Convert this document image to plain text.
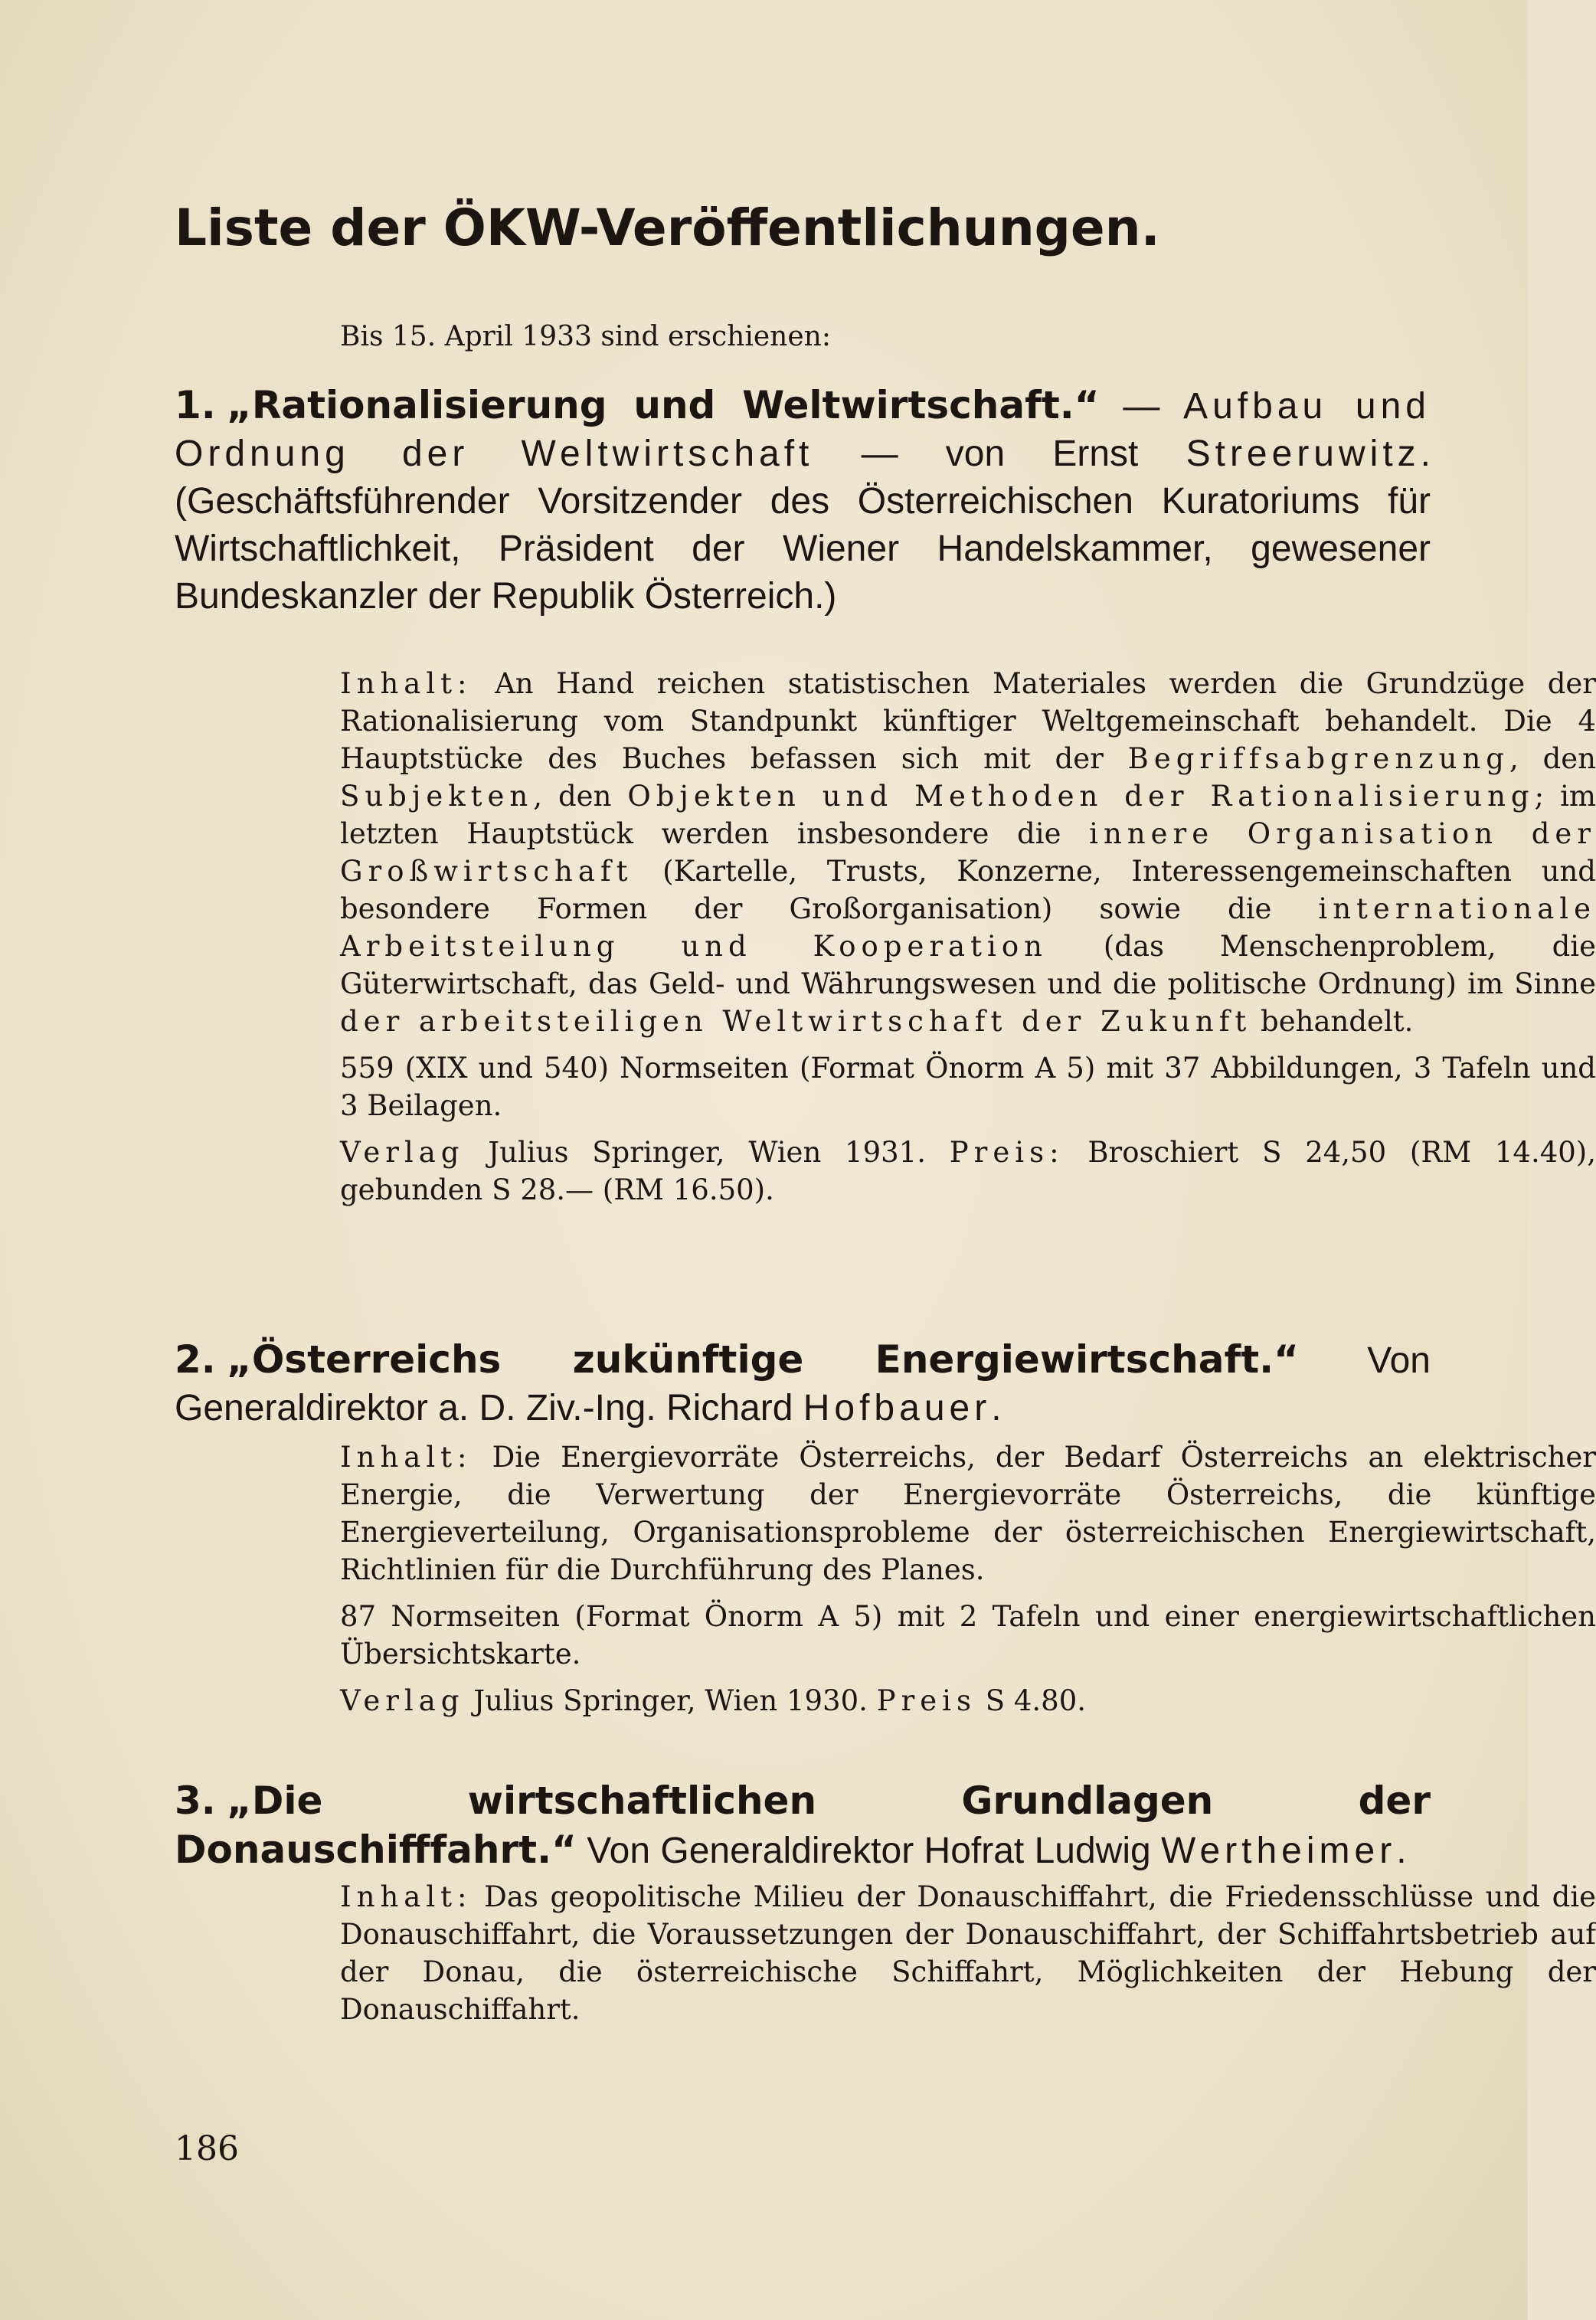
Liste der ÖKW-Veröffentlichungen.
Bis 15. April 1933 sind erschienen:
1. „Rationalisierung und Weltwirtschaft.“ — Aufbau und Ordnung der Weltwirtschaft — von Ernst Streeruwitz. (Geschäftsführender Vorsitzender des Österreichischen Kuratoriums für Wirtschaftlichkeit, Präsident der Wiener Handelskammer, gewesener Bundeskanzler der Republik Österreich.)

Inhalt: An Hand reichen statistischen Materiales werden die Grundzüge der Rationalisierung vom Standpunkt künftiger Weltgemeinschaft behandelt. Die 4 Hauptstücke des Buches befassen sich mit der Begriffsabgrenzung, den Subjekten, den Objekten und Methoden der Rationalisierung; im letzten Hauptstück werden insbesondere die innere Organisation der Großwirtschaft (Kartelle, Trusts, Konzerne, Interessengemeinschaften und besondere Formen der Großorganisation) sowie die internationale Arbeitsteilung und Kooperation (das Menschenproblem, die Güterwirtschaft, das Geld- und Währungswesen und die politische Ordnung) im Sinne der arbeitsteiligen Weltwirtschaft der Zukunft behandelt.

559 (XIX und 540) Normseiten (Format Önorm A 5) mit 37 Abbildungen, 3 Tafeln und 3 Beilagen.

Verlag Julius Springer, Wien 1931. Preis: Broschiert S 24,50 (RM 14.40), gebunden S 28.— (RM 16.50).

2. „Österreichs zukünftige Energiewirtschaft.“ Von Generaldirektor a. D. Ziv.-Ing. Richard Hofbauer.

Inhalt: Die Energievorräte Österreichs, der Bedarf Österreichs an elektrischer Energie, die Verwertung der Energievorräte Österreichs, die künftige Energieverteilung, Organisationsprobleme der österreichischen Energiewirtschaft, Richtlinien für die Durchführung des Planes.

87 Normseiten (Format Önorm A 5) mit 2 Tafeln und einer energiewirtschaftlichen Übersichtskarte.

Verlag Julius Springer, Wien 1930. Preis S 4.80.

3. „Die wirtschaftlichen Grundlagen der Donauschifffahrt.“ Von Generaldirektor Hofrat Ludwig Wertheimer.

Inhalt: Das geopolitische Milieu der Donauschiffahrt, die Friedensschlüsse und die Donauschiffahrt, die Voraussetzungen der Donauschiffahrt, der Schiffahrtsbetrieb auf der Donau, die österreichische Schiffahrt, Möglichkeiten der Hebung der Donauschiffahrt.

186
